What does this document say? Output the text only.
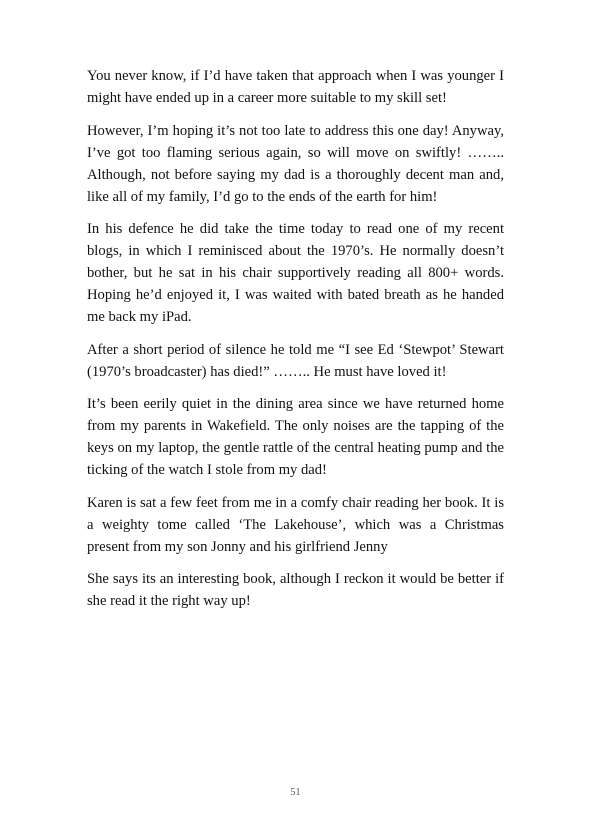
You never know, if I’d have taken that approach when I was younger I might have ended up in a career more suitable to my skill set!

However, I’m hoping it’s not too late to address this one day! Anyway, I’ve got too flaming serious again, so will move on swiftly! …….. Although, not before saying my dad is a thoroughly decent man and, like all of my family, I’d go to the ends of the earth for him!

In his defence he did take the time today to read one of my recent blogs, in which I reminisced about the 1970’s. He normally doesn’t bother, but he sat in his chair supportively reading all 800+ words. Hoping he’d enjoyed it, I was waited with bated breath as he handed me back my iPad.

After a short period of silence he told me “I see Ed ‘Stewpot’ Stewart (1970’s broadcaster) has died!” …….. He must have loved it!

It’s been eerily quiet in the dining area since we have returned home from my parents in Wakefield. The only noises are the tapping of the keys on my laptop, the gentle rattle of the central heating pump and the ticking of the watch I stole from my dad!

Karen is sat a few feet from me in a comfy chair reading her book. It is a weighty tome called ‘The Lakehouse’, which was a Christmas present from my son Jonny and his girlfriend Jenny

She says its an interesting book, although I reckon it would be better if she read it the right way up!

51
